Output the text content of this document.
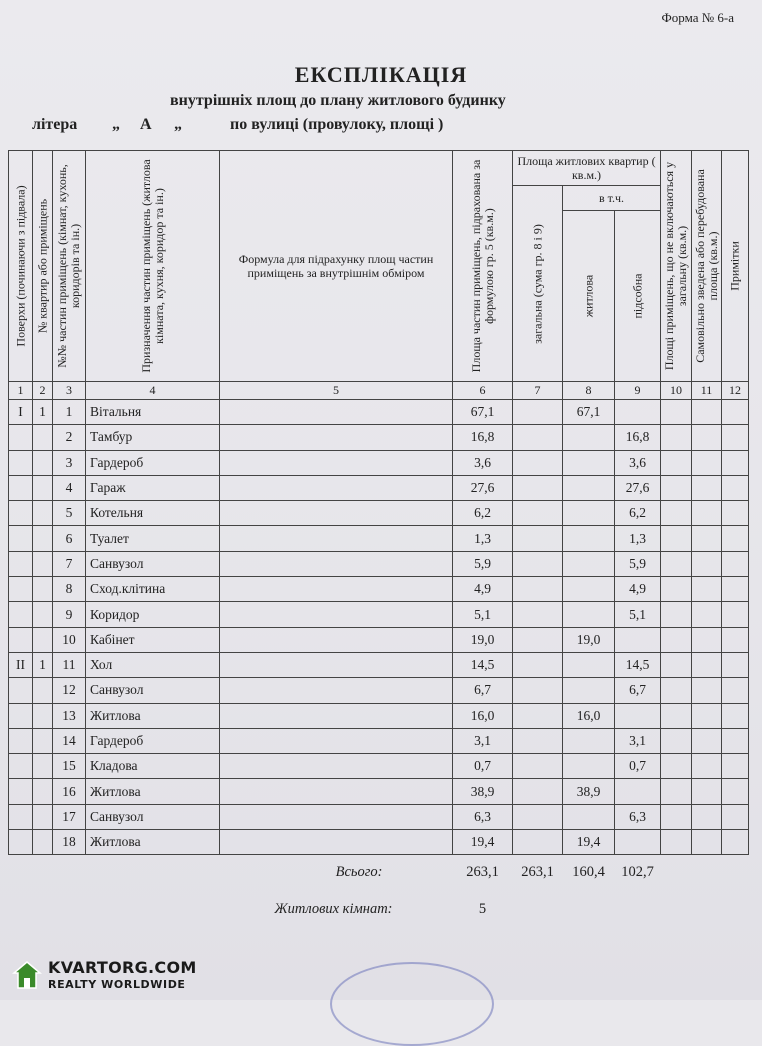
Форма № 6-а
ЕКСПЛІКАЦІЯ
внутрішніх площ до плану житлового будинку
літера „ А „	по вулиці (провулоку, площі )
Поверхи (починаючи з підвала)	№ квартир або приміщень	№№ частин приміщень (кімнат, кухонь, коридорів та ін.)	Призначення частин приміщень (житлова кімната, кухня, коридор та ін.)	Формула для підрахунку площ частин приміщень за внутрішнім обміром	Площа частин приміщень, підрахована за формулою гр. 5 (кв.м.)	Площа житлових квартир ( кв.м.)			Площі приміщень, що не включаються у загальну (кв.м.)	Самовільно зведена або перебудована площа (кв.м.)	Примітки

						загальна (сума гр. 8 і 9)	в т.ч.				

							житлова	підсобна			

1	2	3	4	5	6	7	8	9	10	11	12
I	1	1	Вітальня		67,1		67,1				
		2	Тамбур		16,8			16,8			
		3	Гардероб		3,6			3,6			
		4	Гараж		27,6			27,6			
		5	Котельня		6,2			6,2			
		6	Туалет		1,3			1,3			
		7	Санвузол		5,9			5,9			
		8	Сход.клітина		4,9			4,9			
		9	Коридор		5,1			5,1			
		10	Кабінет		19,0		19,0				
II	1	11	Хол		14,5			14,5			
		12	Санвузол		6,7			6,7			
		13	Житлова		16,0		16,0				
		14	Гардероб		3,1			3,1			
		15	Кладова		0,7			0,7			
		16	Житлова		38,9		38,9				
		17	Санвузол		6,3			6,3			
		18	Житлова		19,4		19,4				
Всього:					263,1	263,1	160,4	102,7			
Житлових кімнат:					5						
KVARTORG.COM
REALTY WORLDWIDE
